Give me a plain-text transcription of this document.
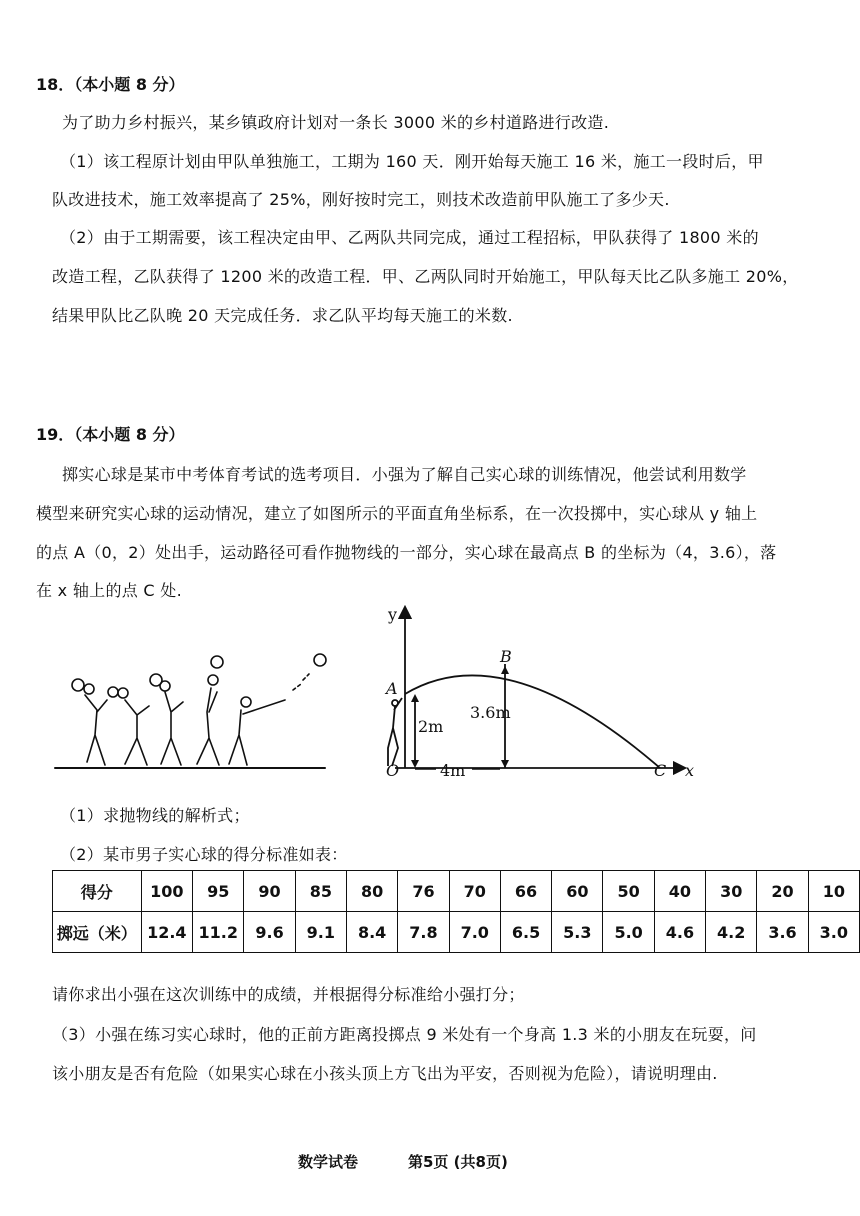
18．（本小题 8 分）
为了助力乡村振兴，某乡镇政府计划对一条长 3000 米的乡村道路进行改造.
（1）该工程原计划由甲队单独施工，工期为 160 天．刚开始每天施工 16 米，施工一段时后，甲
队改进技术，施工效率提高了 25%，刚好按时完工，则技术改造前甲队施工了多少天.
（2）由于工期需要，该工程决定由甲、乙两队共同完成，通过工程招标，甲队获得了 1800 米的
改造工程，乙队获得了 1200 米的改造工程．甲、乙两队同时开始施工，甲队每天比乙队多施工 20%，
结果甲队比乙队晚 20 天完成任务．求乙队平均每天施工的米数.
19．（本小题 8 分）
掷实心球是某市中考体育考试的选考项目．小强为了解自己实心球的训练情况，他尝试利用数学
模型来研究实心球的运动情况，建立了如图所示的平面直角坐标系，在一次投掷中，实心球从 y 轴上
的点 A（0，2）处出手，运动路径可看作抛物线的一部分，实心球在最高点 B 的坐标为（4，3.6），落
在 x 轴上的点 C 处.
y
x
O
A
B
C
2m
3.6m
4m
（1）求抛物线的解析式；
（2）某市男子实心球的得分标准如表：
得分	100	95	90	85	80	76	70	66	60	50	40	30	20	10
掷远（米）	12.4	11.2	9.6	9.1	8.4	7.8	7.0	6.5	5.3	5.0	4.6	4.2	3.6	3.0
请你求出小强在这次训练中的成绩，并根据得分标准给小强打分；
（3）小强在练习实心球时，他的正前方距离投掷点 9 米处有一个身高 1.3 米的小朋友在玩耍，问
该小朋友是否有危险（如果实心球在小孩头顶上方飞出为平安，否则视为危险），请说明理由.
数学试卷	第5页 (共8页)
